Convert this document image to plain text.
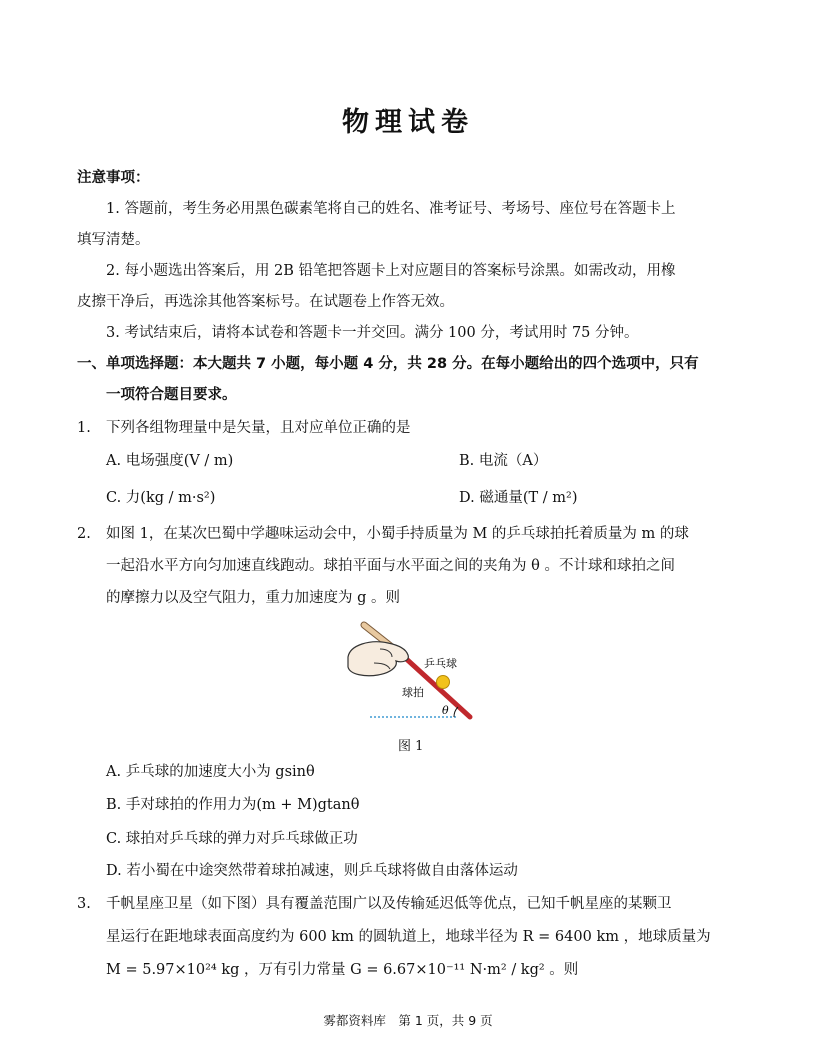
物理试卷
注意事项：
1. 答题前，考生务必用黑色碳素笔将自己的姓名、准考证号、考场号、座位号在答题卡上
填写清楚。
2. 每小题选出答案后，用 2B 铅笔把答题卡上对应题目的答案标号涂黑。如需改动，用橡
皮擦干净后，再选涂其他答案标号。在试题卷上作答无效。
3. 考试结束后，请将本试卷和答题卡一并交回。满分 100 分，考试用时 75 分钟。
一、单项选择题：本大题共 7 小题，每小题 4 分，共 28 分。在每小题给出的四个选项中，只有
一项符合题目要求。
1. 下列各组物理量中是矢量，且对应单位正确的是
A. 电场强度(V / m)	B. 电流（A）
C. 力(kg / m·s²)	D. 磁通量(T / m²)
2. 如图 1，在某次巴蜀中学趣味运动会中，小蜀手持质量为 M 的乒乓球拍托着质量为 m 的球
一起沿水平方向匀加速直线跑动。球拍平面与水平面之间的夹角为 θ 。不计球和球拍之间
的摩擦力以及空气阻力，重力加速度为 g 。则
θ
乒乓球
球拍
图 1
A. 乒乓球的加速度大小为 gsinθ
B. 手对球拍的作用力为(m + M)gtanθ
C. 球拍对乒乓球的弹力对乒乓球做正功
D. 若小蜀在中途突然带着球拍减速，则乒乓球将做自由落体运动
3. 千帆星座卫星（如下图）具有覆盖范围广以及传输延迟低等优点，已知千帆星座的某颗卫
星运行在距地球表面高度约为 600 km 的圆轨道上，地球半径为 R = 6400 km ，地球质量为
M = 5.97×10²⁴ kg ，万有引力常量 G = 6.67×10⁻¹¹ N·m² / kg² 。则
雾都资料库　第 1 页，共 9 页
